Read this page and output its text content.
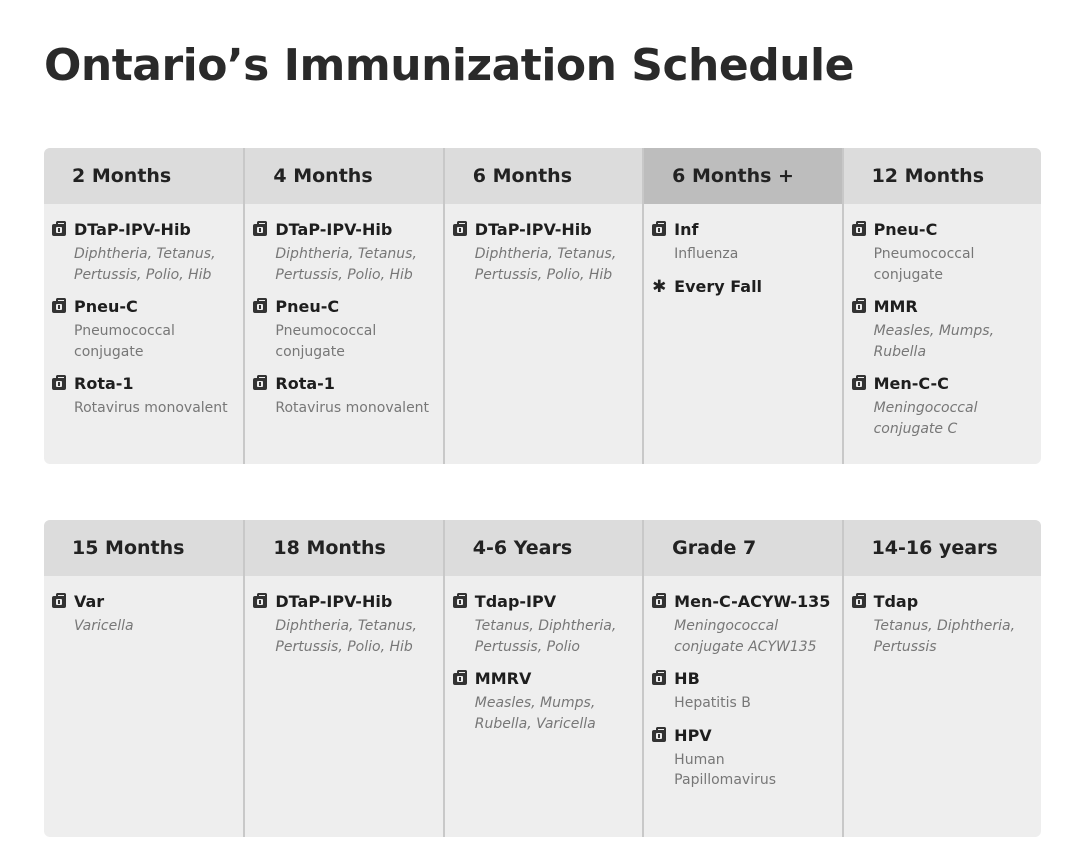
Ontario’s Immunization Schedule
2 Months
DTaP-IPV-Hib
Diphtheria, Tetanus,
Pertussis, Polio, Hib
Pneu-C
Pneumococcal
conjugate
Rota-1
Rotavirus monovalent
4 Months
DTaP-IPV-Hib
Diphtheria, Tetanus,
Pertussis, Polio, Hib
Pneu-C
Pneumococcal
conjugate
Rota-1
Rotavirus monovalent
6 Months
DTaP-IPV-Hib
Diphtheria, Tetanus,
Pertussis, Polio, Hib
6 Months +
Inf
Influenza
✱ Every Fall
12 Months
Pneu-C
Pneumococcal
conjugate
MMR
Measles, Mumps,
Rubella
Men-C-C
Meningococcal
conjugate C
15 Months
Var
Varicella
18 Months
DTaP-IPV-Hib
Diphtheria, Tetanus,
Pertussis, Polio, Hib
4-6 Years
Tdap-IPV
Tetanus, Diphtheria,
Pertussis, Polio
MMRV
Measles, Mumps,
Rubella, Varicella
Grade 7
Men-C-ACYW-135
Meningococcal
conjugate ACYW135
HB
Hepatitis B
HPV
Human
Papillomavirus
14-16 years
Tdap
Tetanus, Diphtheria,
Pertussis
